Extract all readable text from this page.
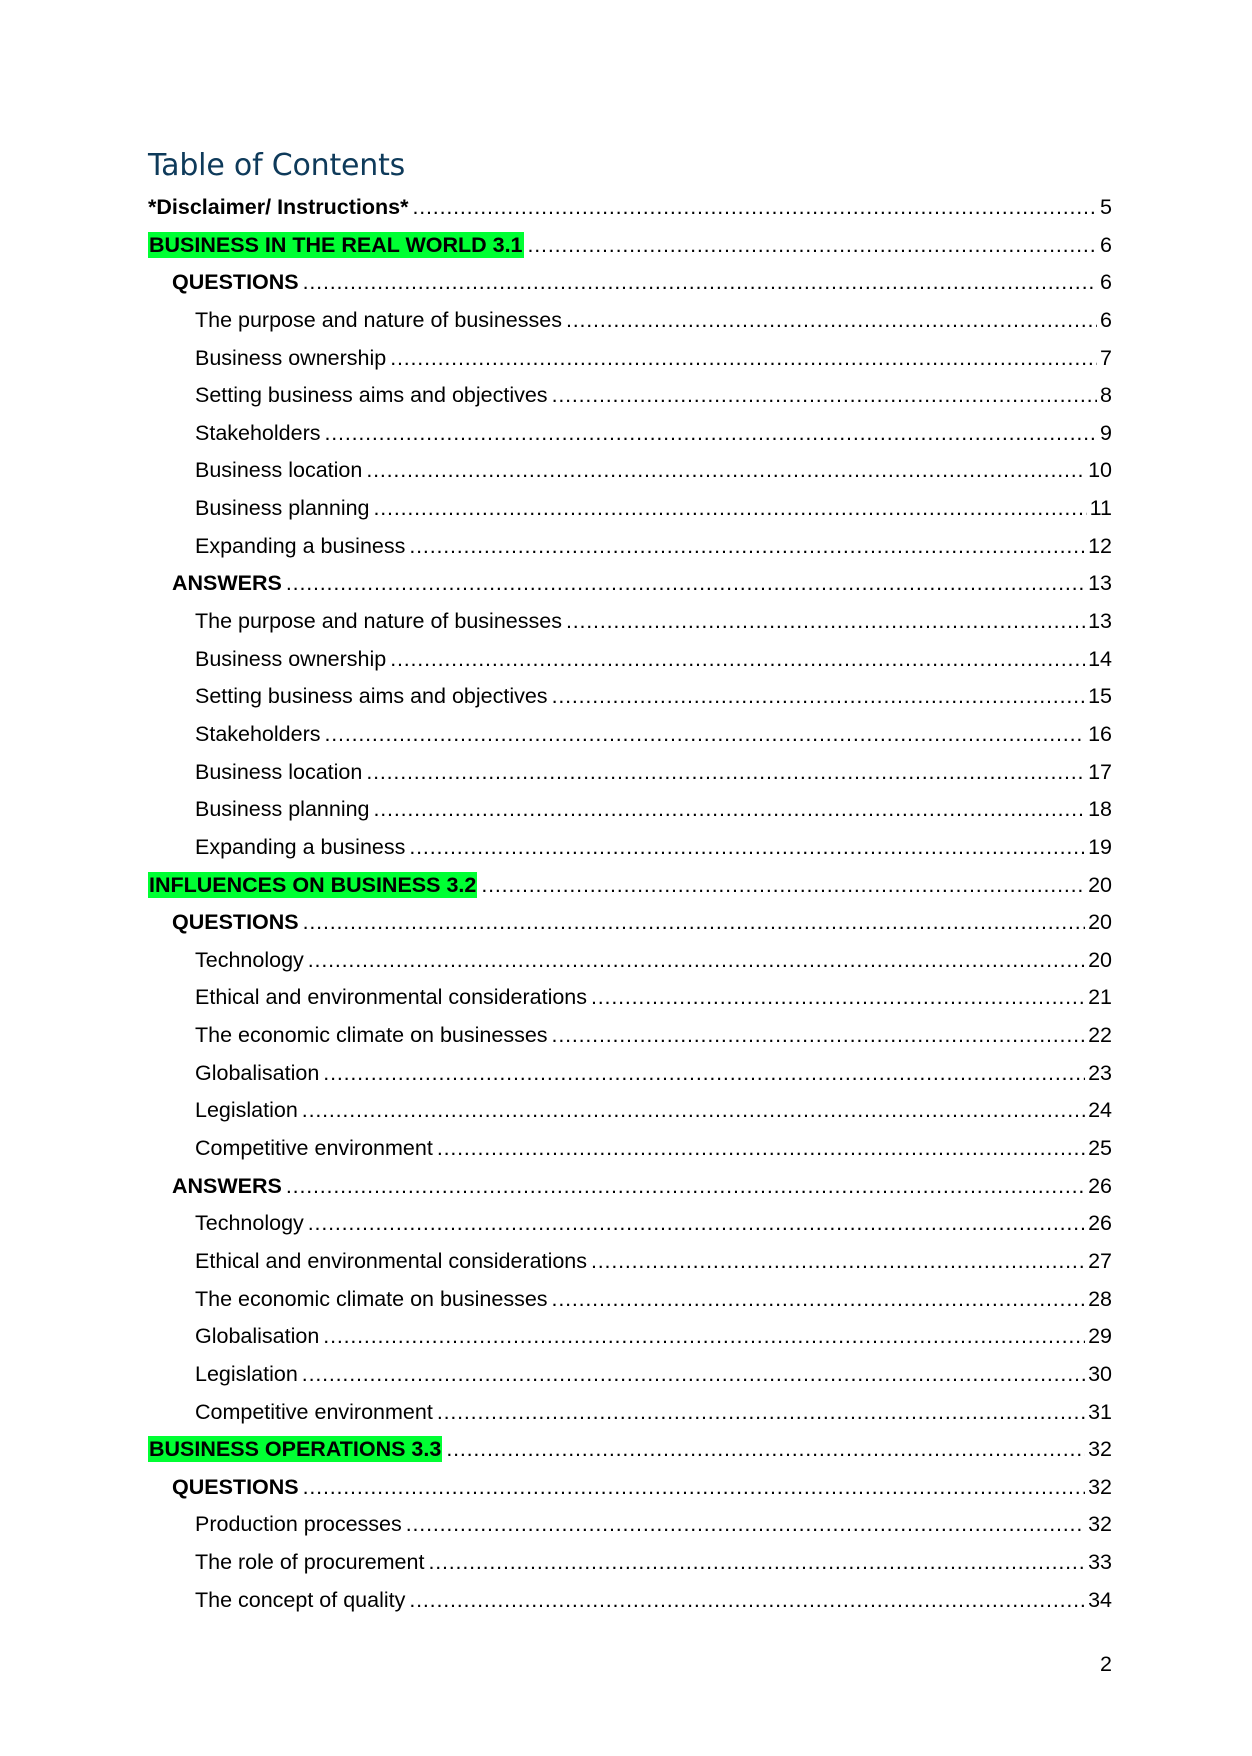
Table of Contents
*Disclaimer/ Instructions* .....	5
BUSINESS IN THE REAL WORLD 3.1 .....	6
QUESTIONS .....	6
The purpose and nature of businesses .....	6
Business ownership .....	7
Setting business aims and objectives .....	8
Stakeholders .....	9
Business location .....	10
Business planning .....	11
Expanding a business .....	12
ANSWERS .....	13
The purpose and nature of businesses .....	13
Business ownership .....	14
Setting business aims and objectives .....	15
Stakeholders .....	16
Business location .....	17
Business planning .....	18
Expanding a business .....	19
INFLUENCES ON BUSINESS 3.2 .....	20
QUESTIONS .....	20
Technology .....	20
Ethical and environmental considerations .....	21
The economic climate on businesses .....	22
Globalisation .....	23
Legislation .....	24
Competitive environment .....	25
ANSWERS .....	26
Technology .....	26
Ethical and environmental considerations .....	27
The economic climate on businesses .....	28
Globalisation .....	29
Legislation .....	30
Competitive environment .....	31
BUSINESS OPERATIONS 3.3 .....	32
QUESTIONS .....	32
Production processes .....	32
The role of procurement .....	33
The concept of quality .....	34
2
